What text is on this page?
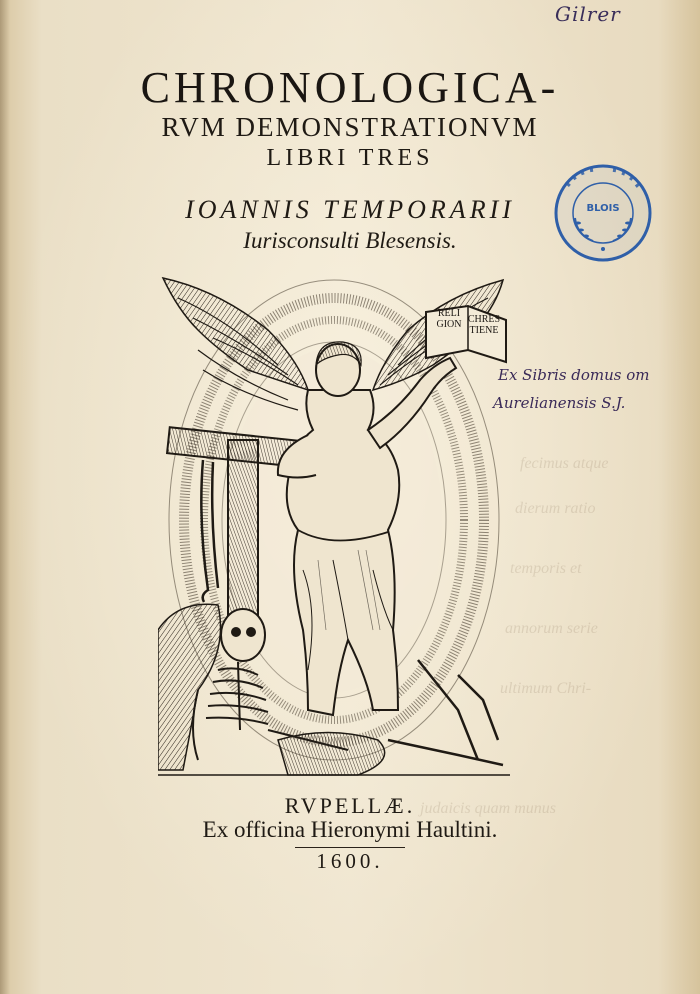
fecimus atque
dierum ratio
temporis et
annorum serie
ultimum Chri-
judaicis quam munus
Gilrer
CHRONOLOGICA-
RVM DEMONSTRATIONVM
LIBRI TRES
IOANNIS TEMPORARII
Iurisconsulti Blesensis.
BLOIS
Ex Sibris domus om
Aurelianensis S.J.
RELI GION CHRES TIENE
RVPELLÆ.
Ex officina Hieronymi Haultini.
1600.
